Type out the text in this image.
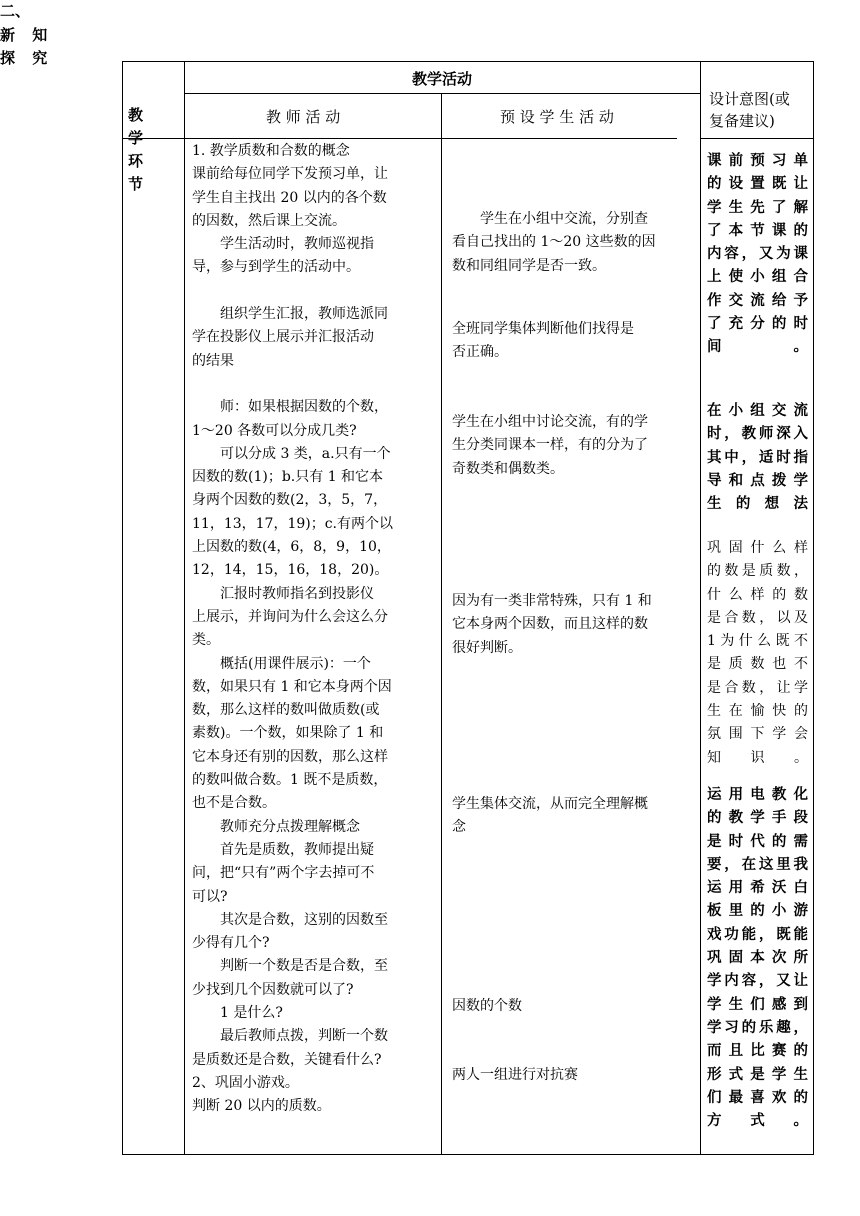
教 学
环 节
教学活动
教 师 活 动	预 设 学 生 活 动
设计意图(或
复备建议)
二、
新 知
探 究
1. 教学质数和合数的概念
课前给每位同学下发预习单，让
学生自主找出 20 以内的各个数
的因数，然后课上交流。
　　学生活动时，教师巡视指
导，参与到学生的活动中。

　　组织学生汇报，教师选派同
学在投影仪上展示并汇报活动
的结果

　　师：如果根据因数的个数，
1～20 各数可以分成几类?
　　可以分成 3 类，a.只有一个
因数的数(1)；b.只有 1 和它本
身两个因数的数(2，3，5，7，
11，13，17，19)；c.有两个以
上因数的数(4，6，8，9，10，
12，14，15，16，18，20)。
　　汇报时教师指名到投影仪
上展示，并询问为什么会这么分
类。
　　概括(用课件展示)：一个
数，如果只有 1 和它本身两个因
数，那么这样的数叫做质数(或
素数)。一个数，如果除了 1 和
它本身还有别的因数，那么这样
的数叫做合数。1 既不是质数，
也不是合数。
　　教师充分点拨理解概念
　　首先是质数，教师提出疑
问，把“只有”两个字去掉可不
可以?
　　其次是合数，这别的因数至
少得有几个?
　　判断一个数是否是合数，至
少找到几个因数就可以了?
　　1 是什么?
　　最后教师点拨，判断一个数
是质数还是合数，关键看什么?
2、巩固小游戏。
判断 20 以内的质数。
　　学生在小组中交流，分别查
看自己找出的 1～20 这些数的因
数和同组同学是否一致。
全班同学集体判断他们找得是
否正确。
学生在小组中讨论交流，有的学
生分类同课本一样，有的分为了
奇数类和偶数类。
因为有一类非常特殊，只有 1 和
它本身两个因数，而且这样的数
很好判断。
学生集体交流，从而完全理解概
念
因数的个数
两人一组进行对抗赛
课前预习单
的设置既让
学生先了解
了本节课的
内容，又为课
上使小组合
作交流给予
了充分的时
间。
在小组交流
时，教师深入
其中，适时指
导和点拨学
生的想法
巩固什么样
的数是质数，
什么样的数
是合数，以及
1为什么既不
是质数也不
是合数，让学
生在愉快的
氛围下学会
知识。
运用电教化
的教学手段
是时代的需
要，在这里我
运用希沃白
板里的小游
戏功能，既能
巩固本次所
学内容，又让
学生们感到
学习的乐趣，
而且比赛的
形式是学生
们最喜欢的
方式。
